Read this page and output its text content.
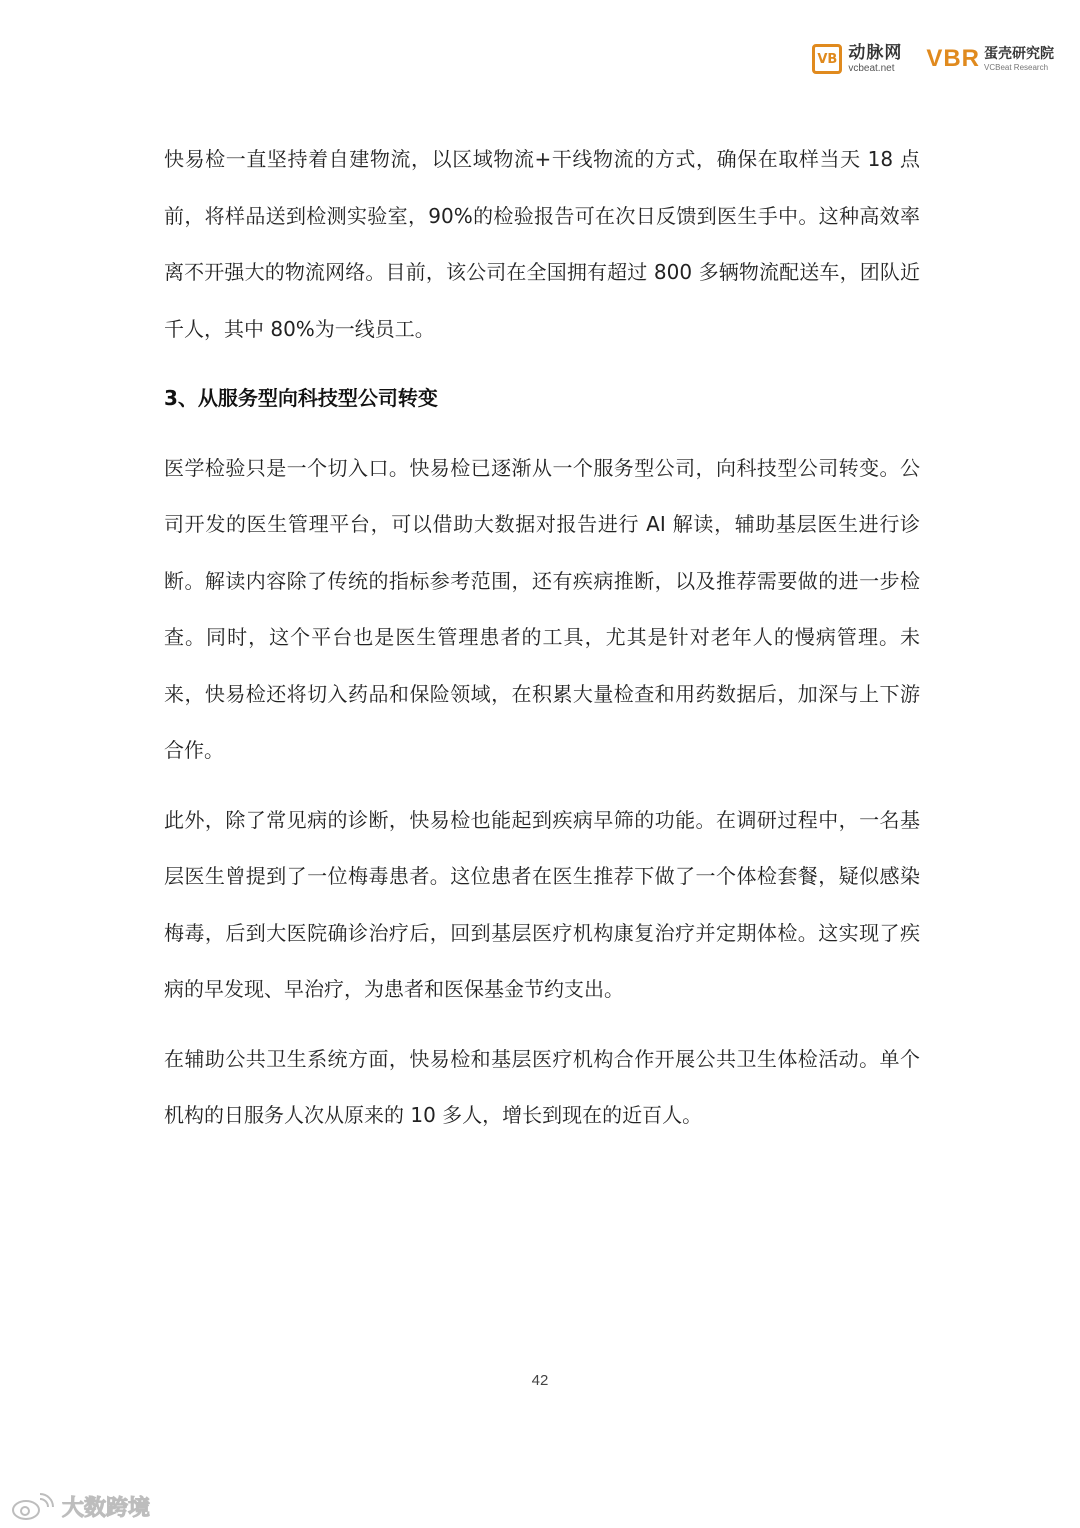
VB 动脉网
vcbeat.net	VBR 蛋壳研究院
VCBeat Research

快易检一直坚持着自建物流，以区域物流+干线物流的方式，确保在取样当天 18 点前，将样品送到检测实验室，90%的检验报告可在次日反馈到医生手中。这种高效率离不开强大的物流网络。目前，该公司在全国拥有超过 800 多辆物流配送车，团队近千人，其中 80%为一线员工。

3、从服务型向科技型公司转变

医学检验只是一个切入口。快易检已逐渐从一个服务型公司，向科技型公司转变。公司开发的医生管理平台，可以借助大数据对报告进行 AI 解读，辅助基层医生进行诊断。解读内容除了传统的指标参考范围，还有疾病推断，以及推荐需要做的进一步检查。同时，这个平台也是医生管理患者的工具，尤其是针对老年人的慢病管理。未来，快易检还将切入药品和保险领域，在积累大量检查和用药数据后，加深与上下游合作。

此外，除了常见病的诊断，快易检也能起到疾病早筛的功能。在调研过程中，一名基层医生曾提到了一位梅毒患者。这位患者在医生推荐下做了一个体检套餐，疑似感染梅毒，后到大医院确诊治疗后，回到基层医疗机构康复治疗并定期体检。这实现了疾病的早发现、早治疗，为患者和医保基金节约支出。

在辅助公共卫生系统方面，快易检和基层医疗机构合作开展公共卫生体检活动。单个机构的日服务人次从原来的 10 多人，增长到现在的近百人。

42
大数跨境
